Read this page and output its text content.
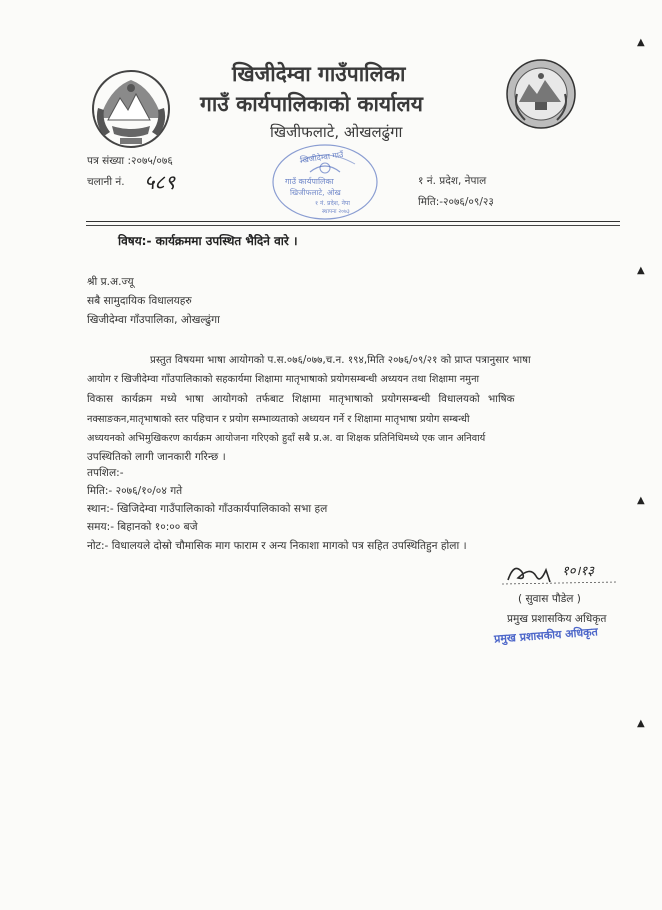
खिजीदेम्वा गाउँपालिका
गाउँ कार्यपालिकाको कार्यालय
खिजीफलाटे, ओखलढुंगा
पत्र संख्या :२०७५/०७६
चलानी नं. ५८९	१ नं. प्रदेश, नेपाल
मिति:-२०७६/०९/२३
खिजीदेम्वा गाउँ
गाउँ कार्यपालिका
खिजीफलाटे, ओख
१ नं. प्रदेश, नेपा
स्थापना २०७३
विषय:- कार्यक्रममा उपस्थित भैदिने वारे ।
श्री प्र.अ.ज्यू
सबै सामुदायिक विधालयहरु
खिजीदेम्वा गाँउपालिका, ओखल्ढुंगा
प्रस्तुत विषयमा भाषा आयोगको प.स.०७६/०७७,च.न. १९४,मिति २०७६/०९/२१ को प्राप्त पत्रानुसार भाषा
आयोग र खिजीदेम्वा गाँउपालिकाको सहकार्यमा शिक्षामा मातृभाषाको प्रयोगसम्बन्धी अध्ययन तथा शिक्षामा नमुना
विकास कार्यक्रम मध्ये भाषा आयोगको तर्फबाट शिक्षामा मातृभाषाको प्रयोगसम्बन्धी विधालयको भाषिक
नक्साङकन,मातृभाषाको स्तर पहिचान र प्रयोग सम्भाव्यताको अध्ययन गर्ने र शिक्षामा मातृभाषा प्रयोग सम्बन्धी
अध्ययनको अभिमुखिकरण कार्यक्रम आयोजना गरिएको हुदाँ सबै प्र.अ. वा शिक्षक प्रतिनिधिमध्ये एक जान अनिवार्य
उपस्थितिको लागी जानकारी गरिन्छ ।
तपशिल:-
मिति:- २०७६/१०/०४ गते
स्थान:- खिजिदेम्वा गाउँपालिकाको गाँउकार्यपालिकाको सभा हल
समय:- बिहानको १०:०० बजे
नोट:- विधालयले दोस्रो चौमासिक माग फाराम र अन्य निकाशा मागको पत्र सहित उपस्थितिहुन होला ।
१०।१३
( सुवास पौडेल )
प्रमुख प्रशासकिय अधिकृत
प्रमुख प्रशासकीय अधिकृत
▲
▲
▲
▲
